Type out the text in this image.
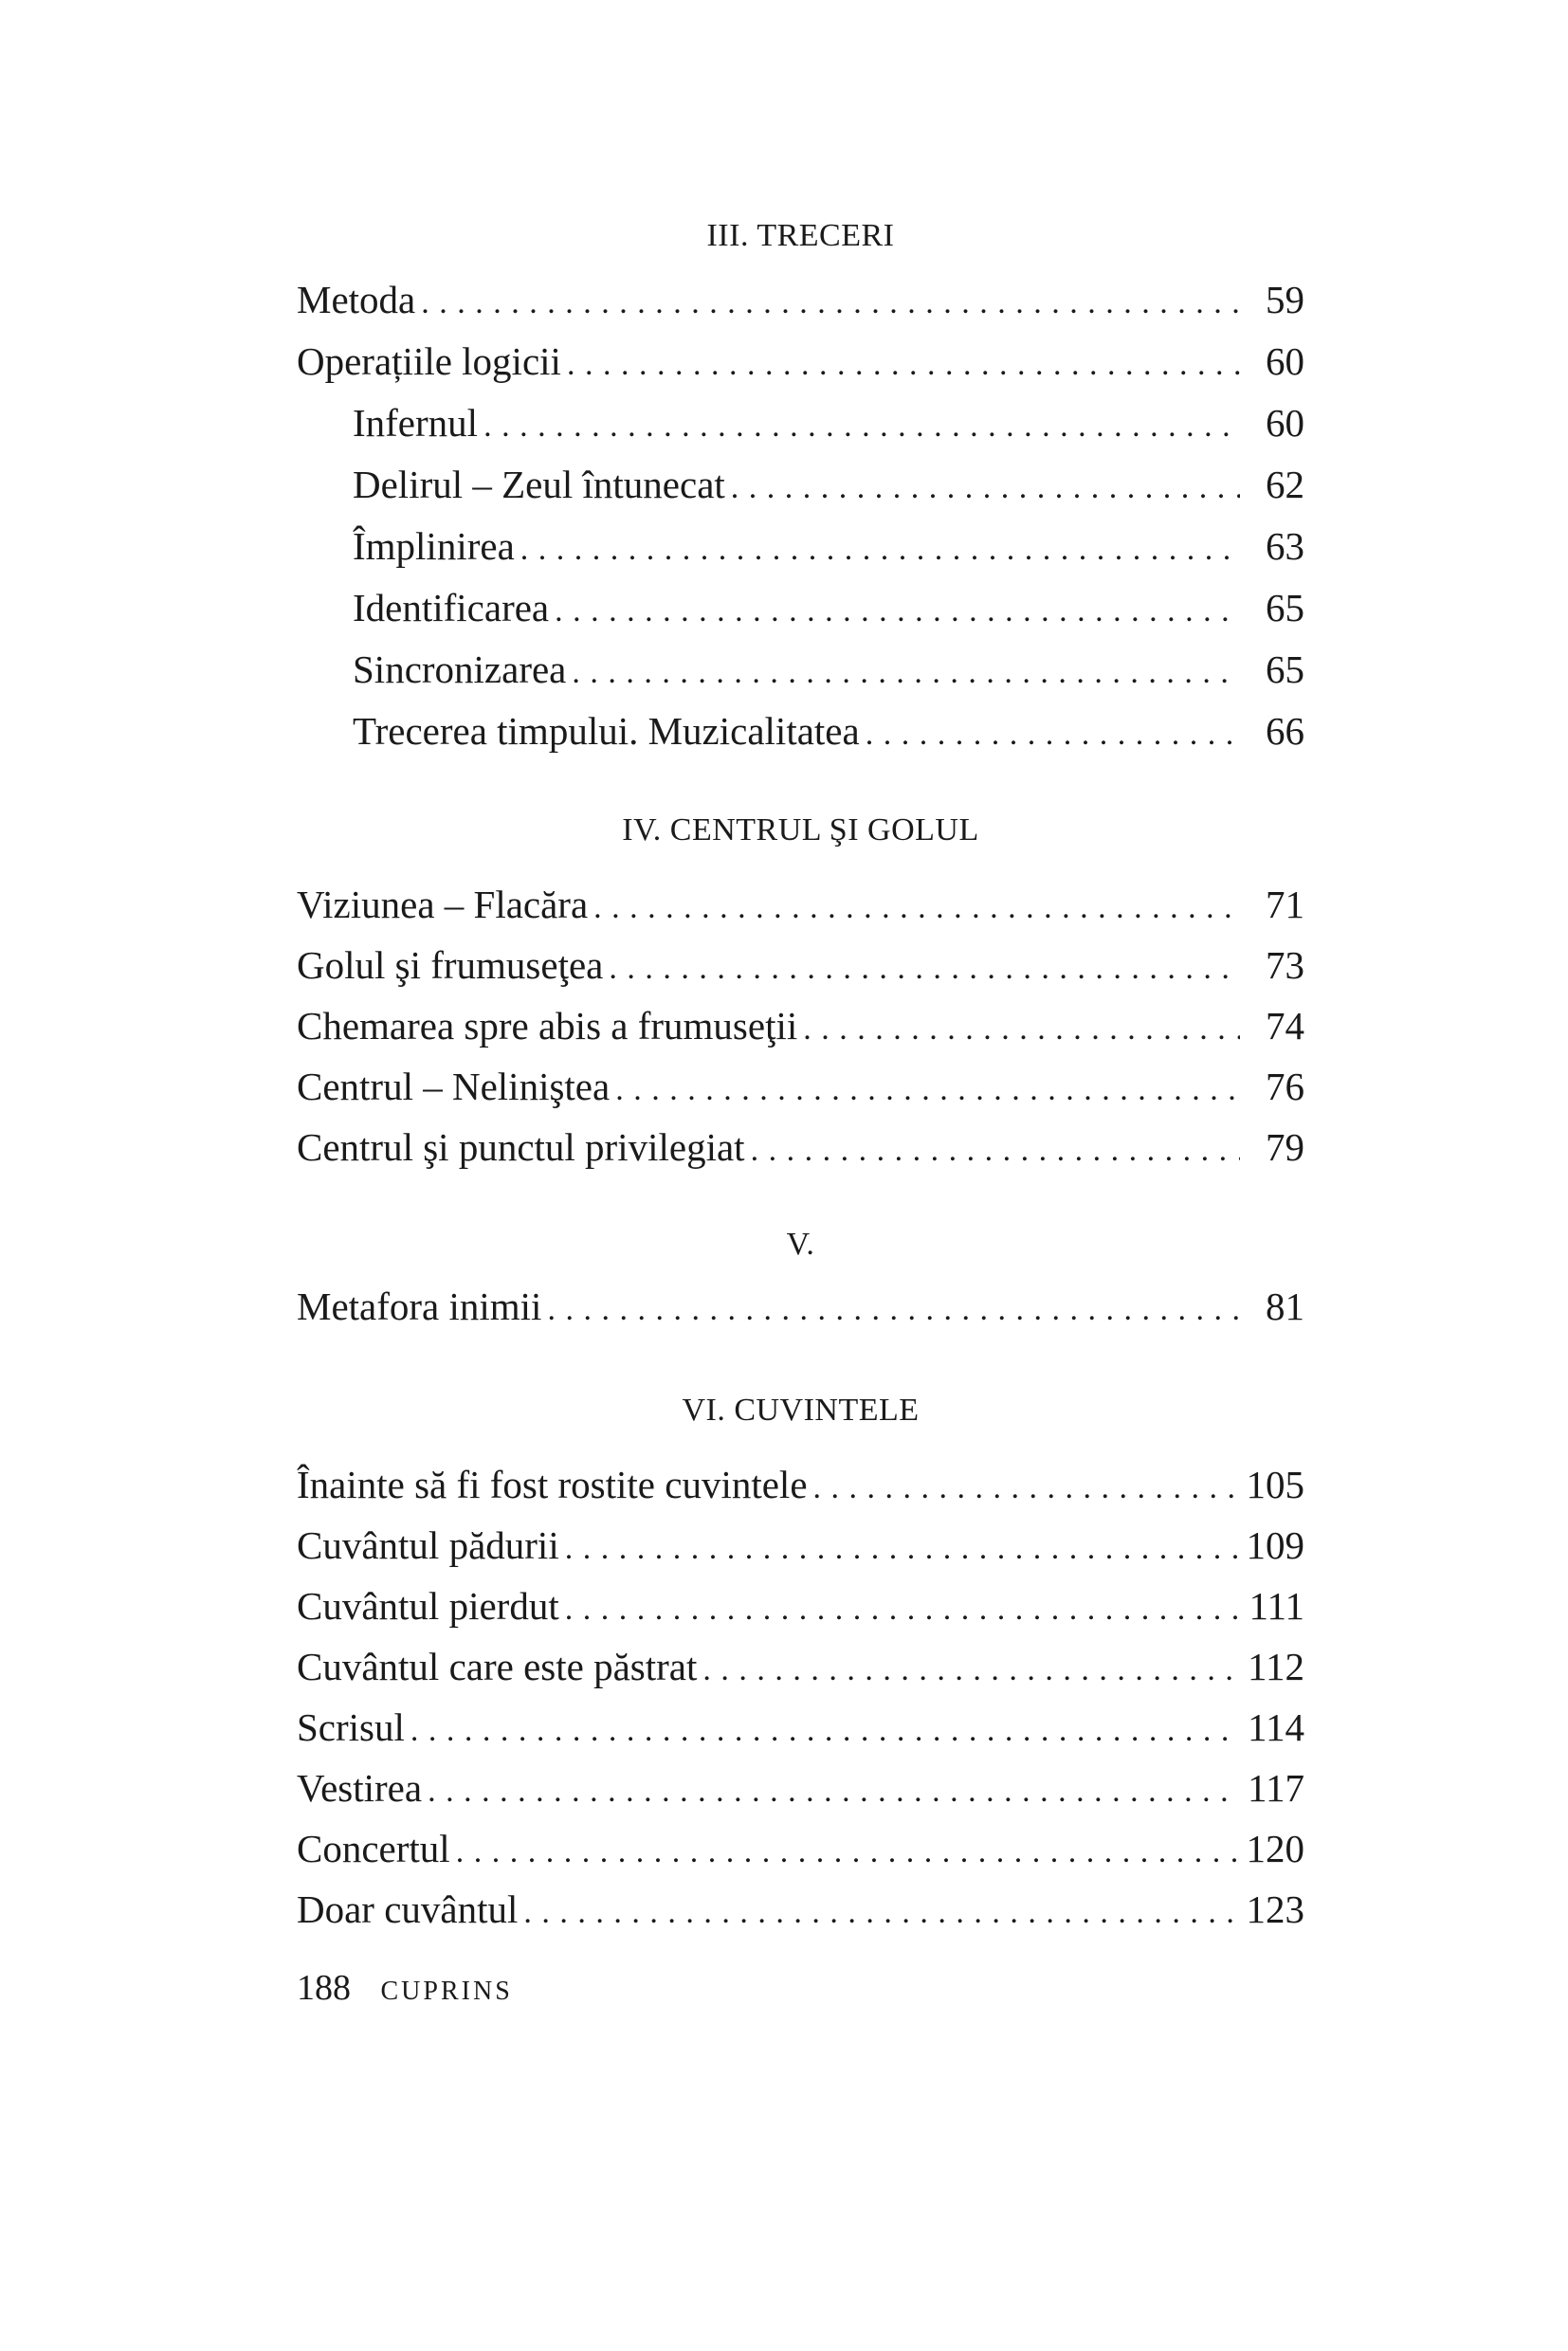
III. TRECERI
Metoda . . .	59
Operațiile logicii . . .	60
Infernul . . .	60
Delirul – Zeul întunecat . . .	62
Împlinirea . . .	63
Identificarea . . .	65
Sincronizarea . . .	65
Trecerea timpului. Muzicalitatea . . .	66
IV. CENTRUL ŞI GOLUL
Viziunea – Flacăra . . .	71
Golul şi frumuseţea . . .	73
Chemarea spre abis a frumuseţii . . .	74
Centrul – Neliniştea . . .	76
Centrul şi punctul privilegiat . . .	79
V.
Metafora inimii . . .	81
VI. CUVINTELE
Înainte să fi fost rostite cuvintele . . .	105
Cuvântul pădurii . . .	109
Cuvântul pierdut . . .	111
Cuvântul care este păstrat . . .	112
Scrisul . . .	114
Vestirea . . .	117
Concertul . . .	120
Doar cuvântul . . .	123
188 CUPRINS
